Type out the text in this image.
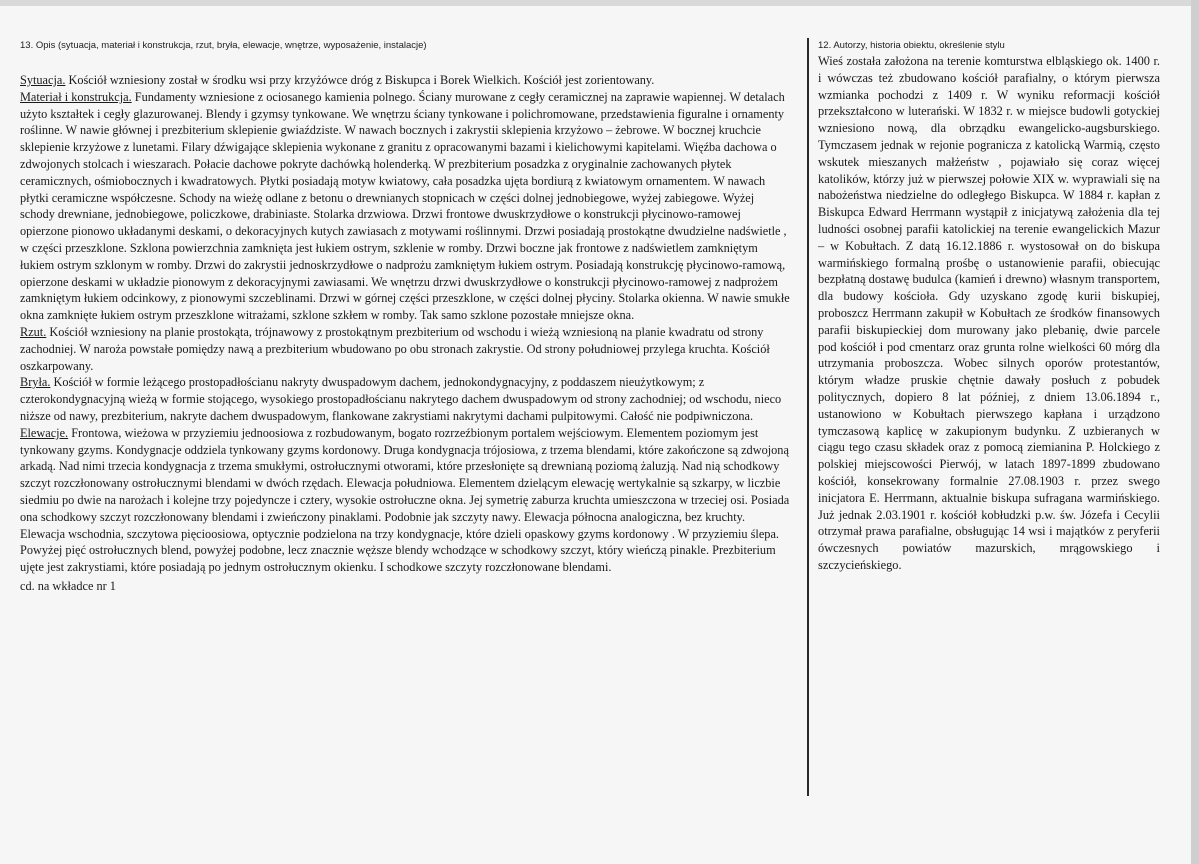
13. Opis (sytuacja, materiał i konstrukcja, rzut, bryła, elewacje, wnętrze, wyposażenie, instalacje)

Sytuacja. Kościół wzniesiony został w środku wsi przy krzyżówce dróg z Biskupca i Borek Wielkich. Kościół jest zorientowany.

Materiał i konstrukcja. Fundamenty wzniesione z ociosanego kamienia polnego. Ściany murowane z cegły ceramicznej na zaprawie wapiennej. W detalach użyto kształtek i cegły glazurowanej. Blendy i gzymsy tynkowane. We wnętrzu ściany tynkowane i polichromowane, przedstawienia figuralne i ornamenty roślinne. W nawie głównej i prezbiterium sklepienie gwiaździste. W nawach bocznych i zakrystii sklepienia krzyżowo – żebrowe. W bocznej kruchcie sklepienie krzyżowe z lunetami. Filary dźwigające sklepienia wykonane z granitu z opracowanymi bazami i kielichowymi kapitelami. Więźba dachowa o zdwojonych stolcach i wieszarach. Połacie dachowe pokryte dachówką holenderką. W prezbiterium posadzka z oryginalnie zachowanych płytek ceramicznych, ośmiobocznych i kwadratowych. Płytki posiadają motyw kwiatowy, cała posadzka ujęta bordiurą z kwiatowym ornamentem. W nawach płytki ceramiczne współczesne. Schody na wieżę odlane z betonu o drewnianych stopnicach w części dolnej jednobiegowe, wyżej zabiegowe. Wyżej schody drewniane, jednobiegowe, policzkowe, drabiniaste. Stolarka drzwiowa. Drzwi frontowe dwuskrzydłowe o konstrukcji płycinowo-ramowej opierzone pionowo układanymi deskami, o dekoracyjnych kutych zawiasach z motywami roślinnymi. Drzwi posiadają prostokątne dwudzielne nadświetle , w części przeszklone. Szklona powierzchnia zamknięta jest łukiem ostrym, szklenie w romby. Drzwi boczne jak frontowe z nadświetlem zamkniętym łukiem ostrym szklonym w romby. Drzwi do zakrystii jednoskrzydłowe o nadprożu zamkniętym łukiem ostrym. Posiadają konstrukcję płycinowo-ramową, opierzone deskami w układzie pionowym z dekoracyjnymi zawiasami. We wnętrzu drzwi dwuskrzydłowe o konstrukcji płycinowo-ramowej z nadprożem zamkniętym łukiem odcinkowy, z pionowymi szczeblinami. Drzwi w górnej części przeszklone, w części dolnej płyciny. Stolarka okienna. W nawie smukłe okna zamknięte łukiem ostrym przeszklone witrażami, szklone szkłem w romby. Tak samo szklone pozostałe mniejsze okna.

Rzut. Kościół wzniesiony na planie prostokąta, trójnawowy z prostokątnym prezbiterium od wschodu i wieżą wzniesioną na planie kwadratu od strony zachodniej. W naroża powstałe pomiędzy nawą a prezbiterium wbudowano po obu stronach zakrystie. Od strony południowej przylega kruchta. Kościół oszkarpowany.

Bryła. Kościół w formie leżącego prostopadłościanu nakryty dwuspadowym dachem, jednokondygnacyjny, z poddaszem nieużytkowym; z czterokondygnacyjną wieżą w formie stojącego, wysokiego prostopadłościanu nakrytego dachem dwuspadowym od strony zachodniej; od wschodu, nieco niższe od nawy, prezbiterium, nakryte dachem dwuspadowym, flankowane zakrystiami nakrytymi dachami pulpitowymi. Całość nie podpiwniczona.

Elewacje. Frontowa, wieżowa w przyziemiu jednoosiowa z rozbudowanym, bogato rozrzeźbionym portalem wejściowym. Elementem poziomym jest tynkowany gzyms. Kondygnacje oddziela tynkowany gzyms kordonowy. Druga kondygnacja trójosiowa, z trzema blendami, które zakończone są zdwojoną arkadą. Nad nimi trzecia kondygnacja z trzema smukłymi, ostrołucznymi otworami, które przesłonięte są drewnianą poziomą żaluzją. Nad nią schodkowy szczyt rozczłonowany ostrołucznymi blendami w dwóch rzędach. Elewacja południowa. Elementem dzielącym elewację wertykalnie są szkarpy, w liczbie siedmiu po dwie na narożach i kolejne trzy pojedyncze i cztery, wysokie ostrołuczne okna. Jej symetrię zaburza kruchta umieszczona w trzeciej osi. Posiada ona schodkowy szczyt rozczłonowany blendami i zwieńczony pinaklami. Podobnie jak szczyty nawy. Elewacja północna analogiczna, bez kruchty. Elewacja wschodnia, szczytowa pięcioosiowa, optycznie podzielona na trzy kondygnacje, które dzieli opaskowy gzyms kordonowy . W przyziemiu ślepa. Powyżej pięć ostrołucznych blend, powyżej podobne, lecz znacznie węższe blendy wchodzące w schodkowy szczyt, który wieńczą pinakle. Prezbiterium ujęte jest zakrystiami, które posiadają po jednym ostrołucznym okienku. I schodkowe szczyty rozczłonowane blendami.

cd. na wkładce nr 1
12. Autorzy, historia obiektu, określenie stylu

Wieś została założona na terenie komturstwa elbląskiego ok. 1400 r. i wówczas też zbudowano kościół parafialny, o którym pierwsza wzmianka pochodzi z 1409 r. W wyniku reformacji kościół przekształcono w luterański. W 1832 r. w miejsce budowli gotyckiej wzniesiono nową, dla obrządku ewangelicko-augsburskiego. Tymczasem jednak w rejonie pogranicza z katolicką Warmią, często wskutek mieszanych małżeństw , pojawiało się coraz więcej katolików, którzy już w pierwszej połowie XIX w. wyprawiali się na nabożeństwa niedzielne do odległego Biskupca. W 1884 r. kapłan z Biskupca Edward Herrmann wystąpił z inicjatywą założenia dla tej ludności osobnej parafii katolickiej na terenie ewangelickich Mazur – w Kobułtach. Z datą 16.12.1886 r. wystosował on do biskupa warmińskiego formalną prośbę o ustanowienie parafii, obiecując bezpłatną dostawę budulca (kamień i drewno) własnym transportem, dla budowy kościoła. Gdy uzyskano zgodę kurii biskupiej, proboszcz Herrmann zakupił w Kobułtach ze środków finansowych parafii biskupieckiej dom murowany jako plebanię, dwie parcele pod kościół i pod cmentarz oraz grunta rolne wielkości 60 mórg dla utrzymania proboszcza. Wobec silnych oporów protestantów, którym władze pruskie chętnie dawały posłuch z pobudek politycznych, dopiero 8 lat później, z dniem 13.06.1894 r., ustanowiono w Kobułtach pierwszego kapłana i urządzono tymczasową kaplicę w zakupionym budynku. Z uzbieranych w ciągu tego czasu składek oraz z pomocą ziemianina P. Holckiego z polskiej miejscowości Pierwój, w latach 1897-1899 zbudowano kościół, konsekrowany formalnie 27.08.1903 r. przez swego inicjatora E. Herrmann, aktualnie biskupa sufragana warmińskiego. Już jednak 2.03.1901 r. kościół kobłudzki p.w. św. Józefa i Cecylii otrzymał prawa parafialne, obsługując 14 wsi i majątków z peryferii ówczesnych powiatów mazurskich, mrągowskiego i szczycieńskiego.
